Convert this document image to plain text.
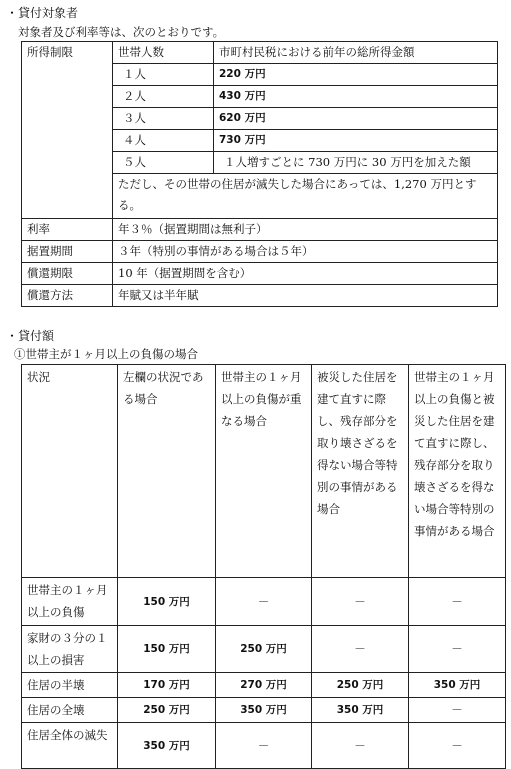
・貸付対象者
対象者及び利率等は、次のとおりです。
所得制限	世帯人数	市町村民税における前年の総所得金額
	１人	220 万円
	２人	430 万円
	３人	620 万円
	４人	730 万円
	５人	１人増すごとに 730 万円に 30 万円を加えた額
	ただし、その世帯の住居が滅失した場合にあっては、1,270 万円とする。	
利率	年３％（据置期間は無利子）	
据置期間	３年（特別の事情がある場合は５年）	
償還期限	10 年（据置期間を含む）	
償還方法	年賦又は半年賦	
・貸付額
①世帯主が１ヶ月以上の負傷の場合
状況	左欄の状況である場合	世帯主の１ヶ月以上の負傷が重なる場合	被災した住居を建て直すに際し、残存部分を取り壊さざるを得ない場合等特別の事情がある場合	世帯主の１ヶ月以上の負傷と被災した住居を建て直すに際し、残存部分を取り壊さざるを得ない場合等特別の事情がある場合
世帯主の１ヶ月以上の負傷	150 万円	－	－	－
家財の３分の１以上の損害	150 万円	250 万円	－	－
住居の半壊	170 万円	270 万円	250 万円	350 万円
住居の全壊	250 万円	350 万円	350 万円	－
住居全体の滅失	350 万円	－	－	－
